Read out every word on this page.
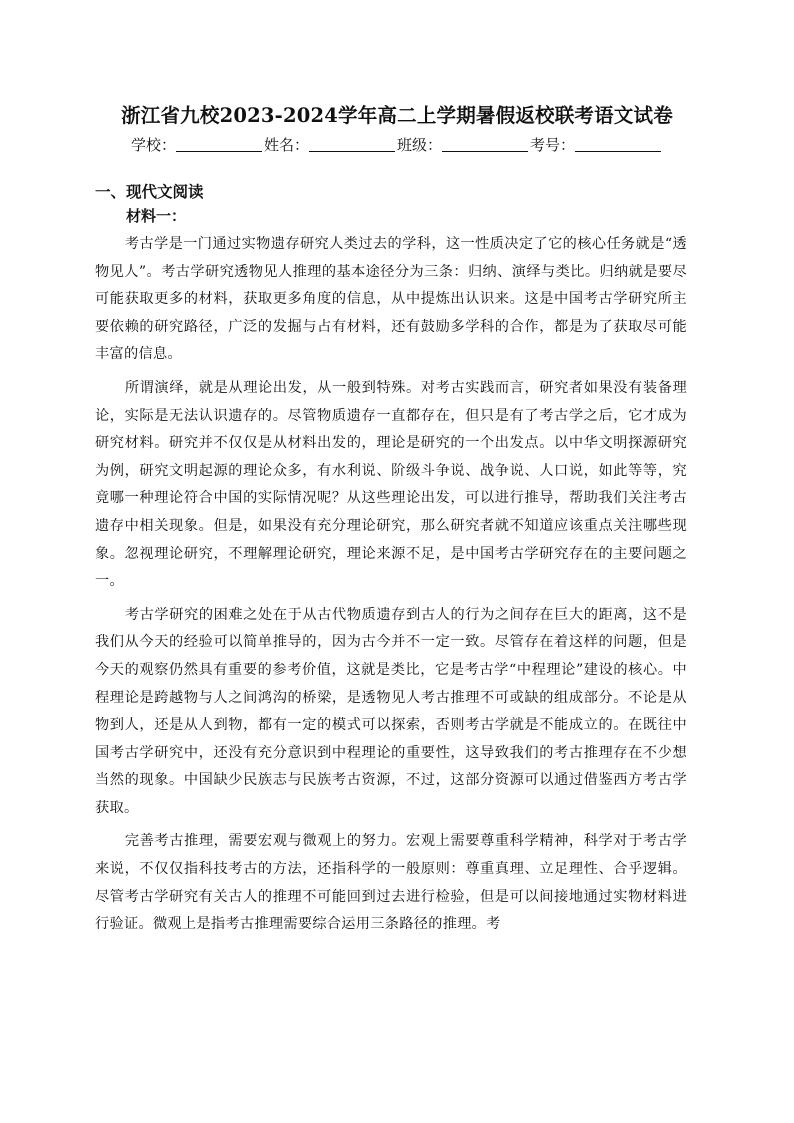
浙江省九校2023-2024学年高二上学期暑假返校联考语文试卷
学校：	姓名：	班级：	考号：
一、现代文阅读
材料一：

考古学是一门通过实物遗存研究人类过去的学科，这一性质决定了它的核心任务就是“透物见人”。考古学研究透物见人推理的基本途径分为三条：归纳、演绎与类比。归纳就是要尽可能获取更多的材料，获取更多角度的信息，从中提炼出认识来。这是中国考古学研究所主要依赖的研究路径，广泛的发掘与占有材料，还有鼓励多学科的合作，都是为了获取尽可能丰富的信息。

所谓演绎，就是从理论出发，从一般到特殊。对考古实践而言，研究者如果没有装备理论，实际是无法认识遗存的。尽管物质遗存一直都存在，但只是有了考古学之后，它才成为研究材料。研究并不仅仅是从材料出发的，理论是研究的一个出发点。以中华文明探源研究为例，研究文明起源的理论众多，有水利说、阶级斗争说、战争说、人口说，如此等等，究竟哪一种理论符合中国的实际情况呢？从这些理论出发，可以进行推导，帮助我们关注考古遗存中相关现象。但是，如果没有充分理论研究，那么研究者就不知道应该重点关注哪些现象。忽视理论研究，不理解理论研究，理论来源不足，是中国考古学研究存在的主要问题之一。

考古学研究的困难之处在于从古代物质遗存到古人的行为之间存在巨大的距离，这不是我们从今天的经验可以简单推导的，因为古今并不一定一致。尽管存在着这样的问题，但是今天的观察仍然具有重要的参考价值，这就是类比，它是考古学“中程理论”建设的核心。中程理论是跨越物与人之间鸿沟的桥梁，是透物见人考古推理不可或缺的组成部分。不论是从物到人，还是从人到物，都有一定的模式可以探索，否则考古学就是不能成立的。在既往中国考古学研究中，还没有充分意识到中程理论的重要性，这导致我们的考古推理存在不少想当然的现象。中国缺少民族志与民族考古资源，不过，这部分资源可以通过借鉴西方考古学获取。

完善考古推理，需要宏观与微观上的努力。宏观上需要尊重科学精神，科学对于考古学来说，不仅仅指科技考古的方法，还指科学的一般原则：尊重真理、立足理性、合乎逻辑。尽管考古学研究有关古人的推理不可能回到过去进行检验，但是可以间接地通过实物材料进行验证。微观上是指考古推理需要综合运用三条路径的推理。考
